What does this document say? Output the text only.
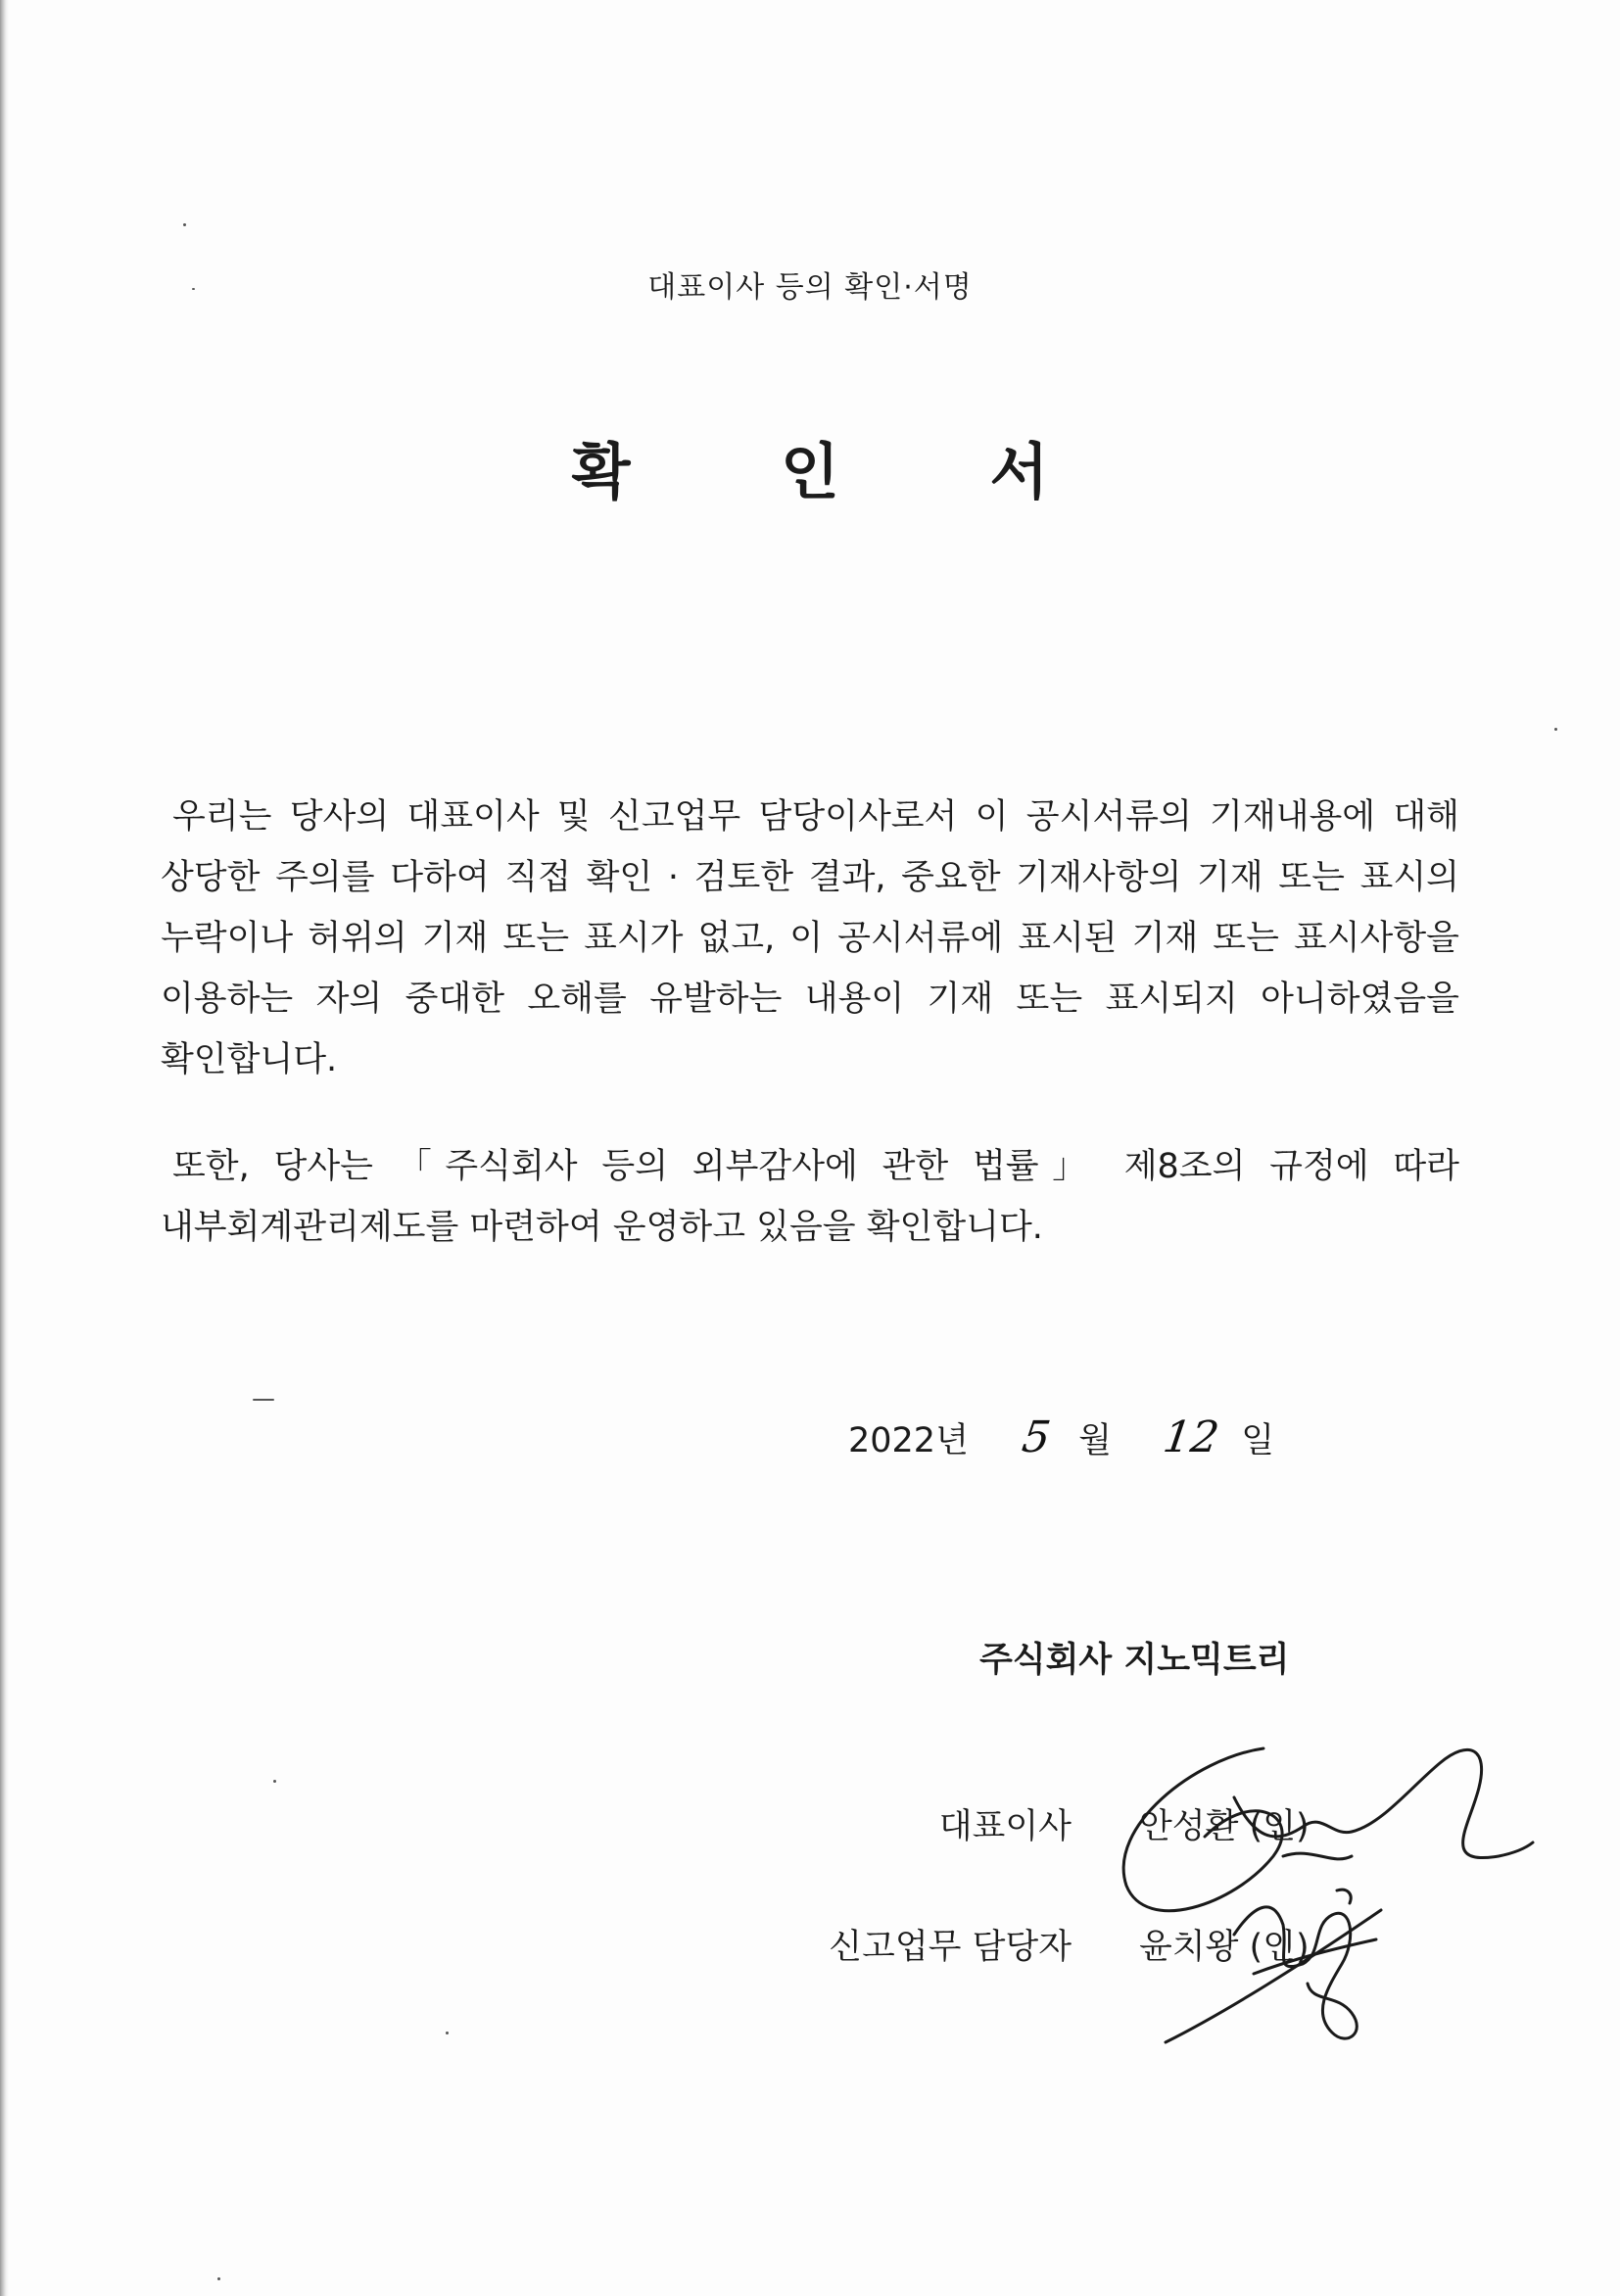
대표이사 등의 확인·서명
확 인 서

우리는 당사의 대표이사 및 신고업무 담당이사로서 이 공시서류의 기재내용에 대해 상당한 주의를 다하여 직접 확인 · 검토한 결과, 중요한 기재사항의 기재 또는 표시의 누락이나 허위의 기재 또는 표시가 없고, 이 공시서류에 표시된 기재 또는 표시사항을 이용하는 자의 중대한 오해를 유발하는 내용이 기재 또는 표시되지 아니하였음을 확인합니다.

또한, 당사는 「주식회사 등의 외부감사에 관한 법률」 제8조의 규정에 따라 내부회계관리제도를 마련하여 운영하고 있음을 확인합니다.

2022년 5 월 12 일
주식회사 지노믹트리
대표이사 안성환 (인)
신고업무 담당자 윤치왕 (인)
